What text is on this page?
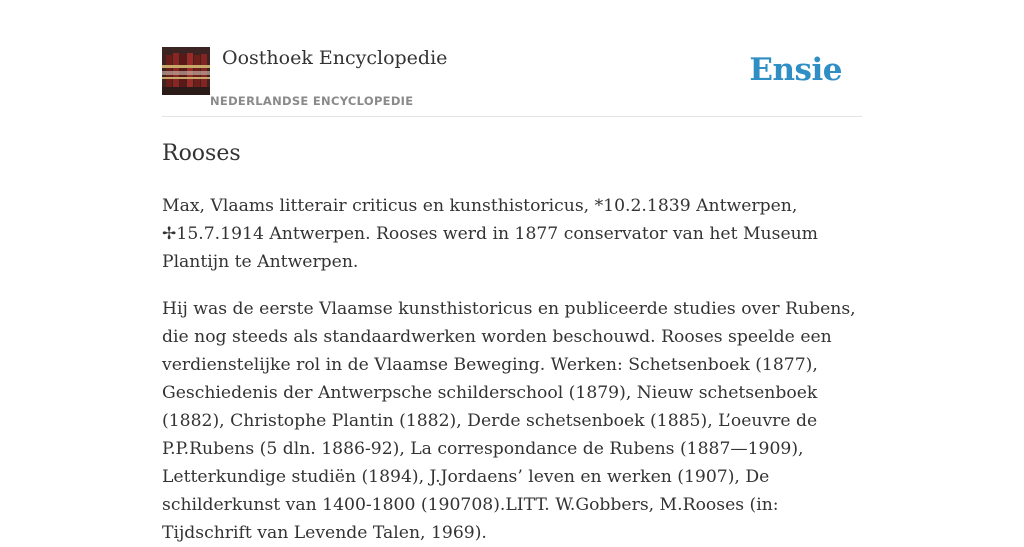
Oosthoek Encyclopedie
NEDERLANDSE ENCYCLOPEDIE
Ensie
Rooses

Max, Vlaams litterair criticus en kunsthistoricus, *10.2.1839 Antwerpen, ✢15.7.1914 Antwerpen. Rooses werd in 1877 conservator van het Museum Plantijn te Antwerpen.

Hij was de eerste Vlaamse kunsthistoricus en publiceerde studies over Rubens, die nog steeds als standaardwerken worden beschouwd. Rooses speelde een verdienstelijke rol in de Vlaamse Beweging. Werken: Schetsenboek (1877), Geschiedenis der Antwerpsche schilderschool (1879), Nieuw schetsenboek (1882), Christophe Plantin (1882), Derde schetsenboek (1885), L’oeuvre de P.P.Rubens (5 dln. 1886-92), La correspondance de Rubens (1887—1909), Letterkundige studiën (1894), J.Jordaens’ leven en werken (1907), De schilderkunst van 1400-1800 (190708).LITT. W.Gobbers, M.Rooses (in: Tijdschrift van Levende Talen, 1969).
